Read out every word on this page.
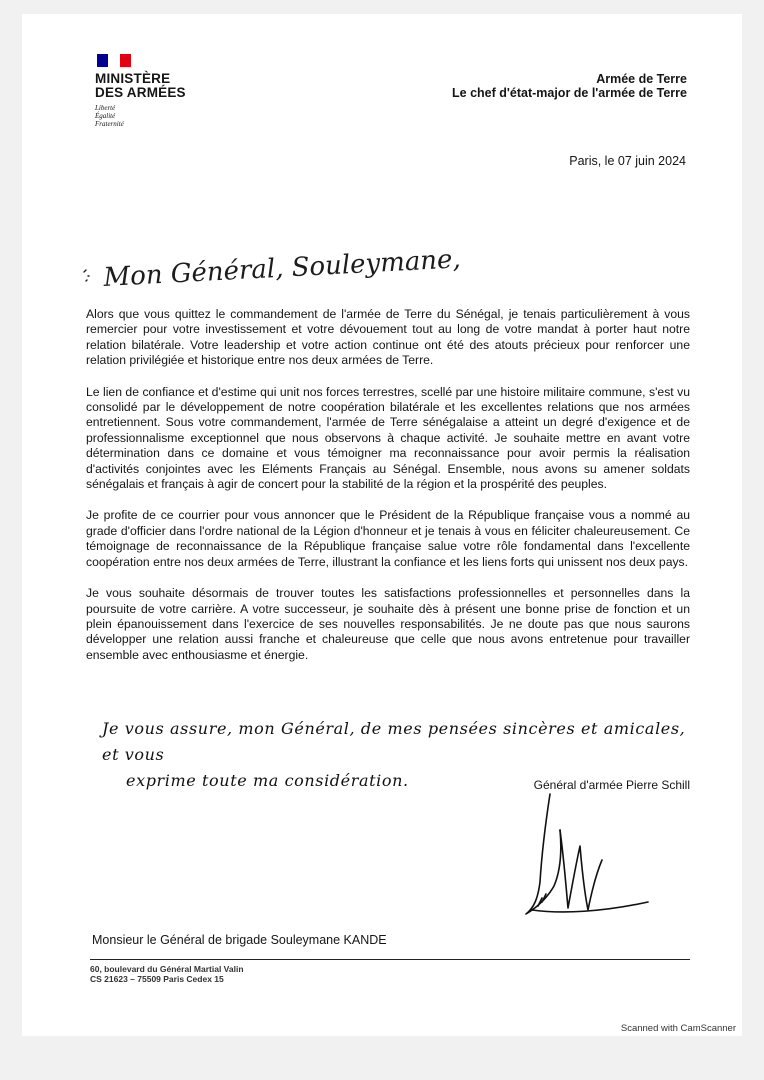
MINISTÈRE
DES ARMÉES
Liberté
Égalité
Fraternité
Armée de Terre
Le chef d'état-major de l'armée de Terre
Paris, le 07 juin 2024
Mon Général, Souleymane,

Alors que vous quittez le commandement de l'armée de Terre du Sénégal, je tenais particulièrement à vous remercier pour votre investissement et votre dévouement tout au long de votre mandat à porter haut notre relation bilatérale. Votre leadership et votre action continue ont été des atouts précieux pour renforcer une relation privilégiée et historique entre nos deux armées de Terre.

Le lien de confiance et d'estime qui unit nos forces terrestres, scellé par une histoire militaire commune, s'est vu consolidé par le développement de notre coopération bilatérale et les excellentes relations que nos armées entretiennent. Sous votre commandement, l'armée de Terre sénégalaise a atteint un degré d'exigence et de professionnalisme exceptionnel que nous observons à chaque activité. Je souhaite mettre en avant votre détermination dans ce domaine et vous témoigner ma reconnaissance pour avoir permis la réalisation d'activités conjointes avec les Eléments Français au Sénégal. Ensemble, nous avons su amener soldats sénégalais et français à agir de concert pour la stabilité de la région et la prospérité des peuples.

Je profite de ce courrier pour vous annoncer que le Président de la République française vous a nommé au grade d'officier dans l'ordre national de la Légion d'honneur et je tenais à vous en féliciter chaleureusement. Ce témoignage de reconnaissance de la République française salue votre rôle fondamental dans l'excellente coopération entre nos deux armées de Terre, illustrant la confiance et les liens forts qui unissent nos deux pays.

Je vous souhaite désormais de trouver toutes les satisfactions professionnelles et personnelles dans la poursuite de votre carrière. A votre successeur, je souhaite dès à présent une bonne prise de fonction et un plein épanouissement dans l'exercice de ses nouvelles responsabilités. Je ne doute pas que nous saurons développer une relation aussi franche et chaleureuse que celle que nous avons entretenue pour travailler ensemble avec enthousiasme et énergie.

Je vous assure, mon Général, de mes pensées sincères et amicales, et vous
exprime toute ma considération.	Général d'armée Pierre Schill
Monsieur le Général de brigade Souleymane KANDE
60, boulevard du Général Martial Valin
CS 21623 – 75509 Paris Cedex 15
Scanned with CamScanner
